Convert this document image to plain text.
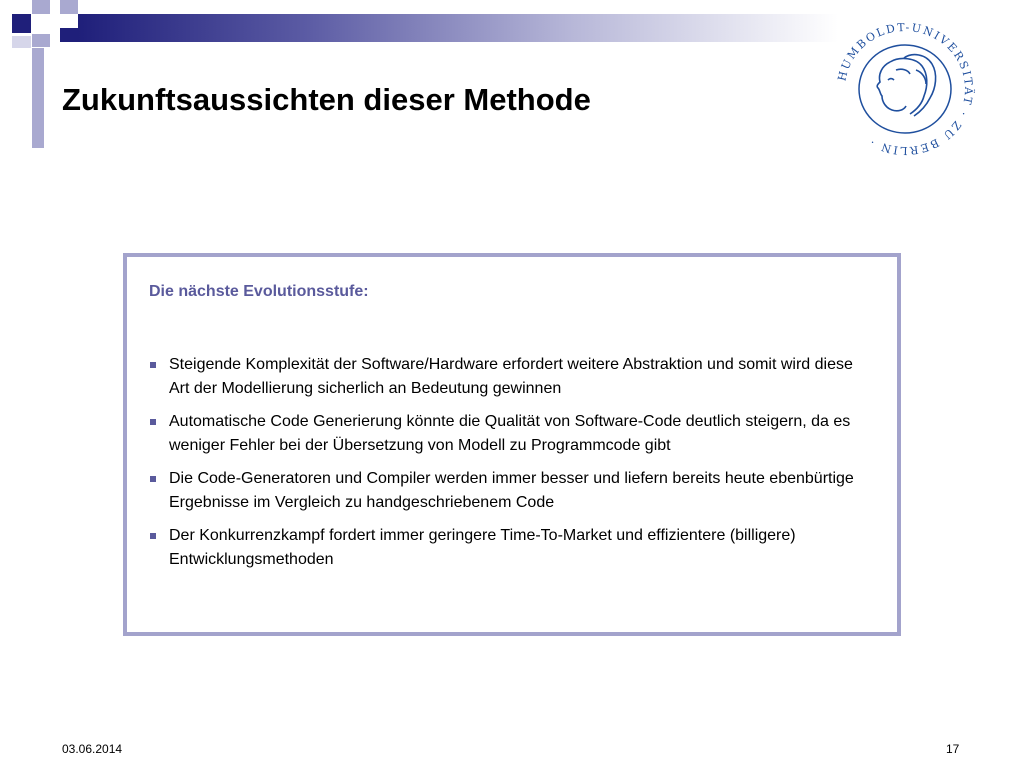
Zukunftsaussichten dieser Methode
HUMBOLDT-UNIVERSITÄT · ZU BERLIN ·
Die nächste Evolutionsstufe:
Steigende Komplexität der Software/Hardware erfordert weitere Abstraktion und somit wird diese Art der Modellierung sicherlich an Bedeutung gewinnen
Automatische Code Generierung könnte die Qualität von Software-Code deutlich steigern, da es weniger Fehler bei der Übersetzung von Modell zu Programmcode gibt
Die Code-Generatoren und Compiler werden immer besser und liefern bereits heute ebenbürtige Ergebnisse im Vergleich zu handgeschriebenem Code
Der Konkurrenzkampf fordert immer geringere Time-To-Market und effizientere (billigere) Entwicklungsmethoden
03.06.2014	17
